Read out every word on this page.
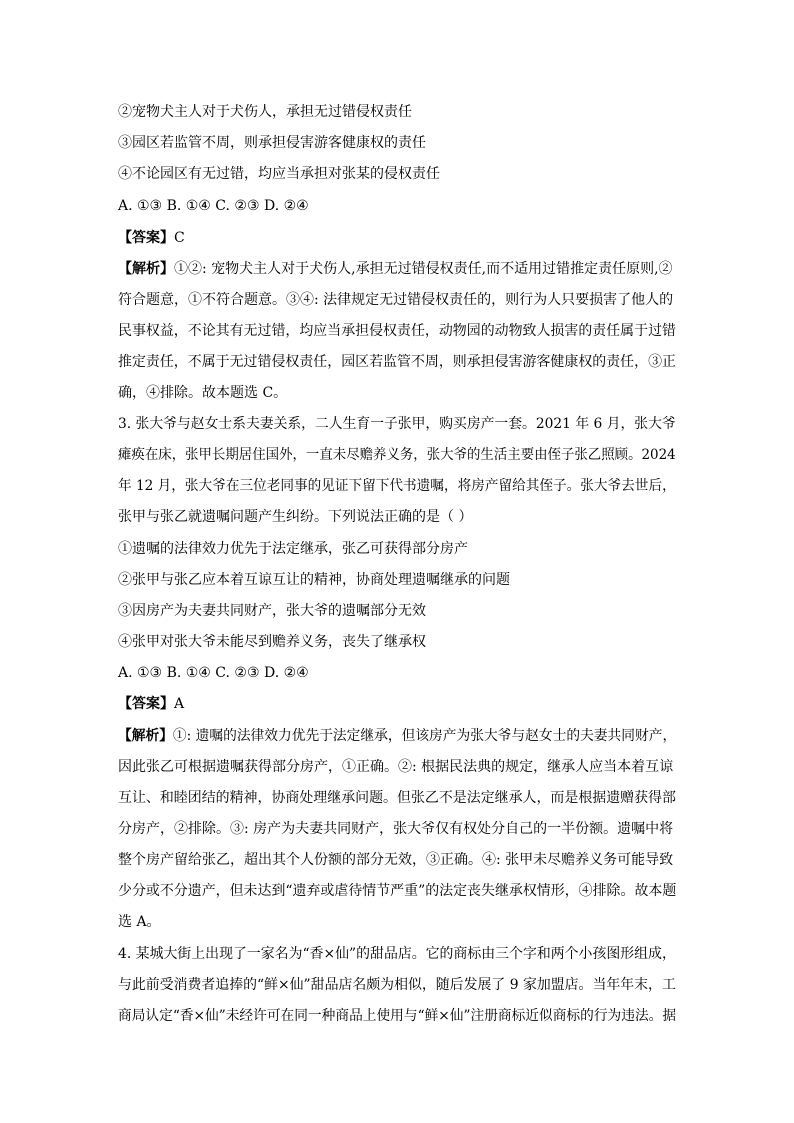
②宠物犬主人对于犬伤人，承担无过错侵权责任
③园区若监管不周，则承担侵害游客健康权的责任
④不论园区有无过错，均应当承担对张某的侵权责任
A. ①③ B. ①④ C. ②③ D. ②④
【答案】C
【解析】①②: 宠物犬主人对于犬伤人,承担无过错侵权责任,而不适用过错推定责任原则,②
符合题意，①不符合题意。③④: 法律规定无过错侵权责任的，则行为人只要损害了他人的
民事权益，不论其有无过错，均应当承担侵权责任，动物园的动物致人损害的责任属于过错
推定责任，不属于无过错侵权责任，园区若监管不周，则承担侵害游客健康权的责任，③正
确，④排除。故本题选 C。
3. 张大爷与赵女士系夫妻关系，二人生育一子张甲，购买房产一套。2021 年 6 月，张大爷
瘫痪在床，张甲长期居住国外，一直未尽赡养义务，张大爷的生活主要由侄子张乙照顾。2024
年 12 月，张大爷在三位老同事的见证下留下代书遗嘱，将房产留给其侄子。张大爷去世后，
张甲与张乙就遗嘱问题产生纠纷。下列说法正确的是（ ）
①遗嘱的法律效力优先于法定继承，张乙可获得部分房产
②张甲与张乙应本着互谅互让的精神，协商处理遗嘱继承的问题
③因房产为夫妻共同财产，张大爷的遗嘱部分无效
④张甲对张大爷未能尽到赡养义务，丧失了继承权
A. ①③ B. ①④ C. ②③ D. ②④
【答案】A
【解析】①: 遗嘱的法律效力优先于法定继承，但该房产为张大爷与赵女士的夫妻共同财产，
因此张乙可根据遗嘱获得部分房产，①正确。②: 根据民法典的规定，继承人应当本着互谅
互让、和睦团结的精神，协商处理继承问题。但张乙不是法定继承人，而是根据遗赠获得部
分房产，②排除。③: 房产为夫妻共同财产，张大爷仅有权处分自己的一半份额。遗嘱中将
整个房产留给张乙，超出其个人份额的部分无效，③正确。④: 张甲未尽赡养义务可能导致
少分或不分遗产，但未达到“遗弃或虐待情节严重”的法定丧失继承权情形，④排除。故本题
选 A。
4. 某城大街上出现了一家名为“香×仙”的甜品店。它的商标由三个字和两个小孩图形组成，
与此前受消费者追捧的“鲜×仙”甜品店名颇为相似，随后发展了 9 家加盟店。当年年末，工
商局认定“香×仙”未经许可在同一种商品上使用与“鲜×仙”注册商标近似商标的行为违法。据
